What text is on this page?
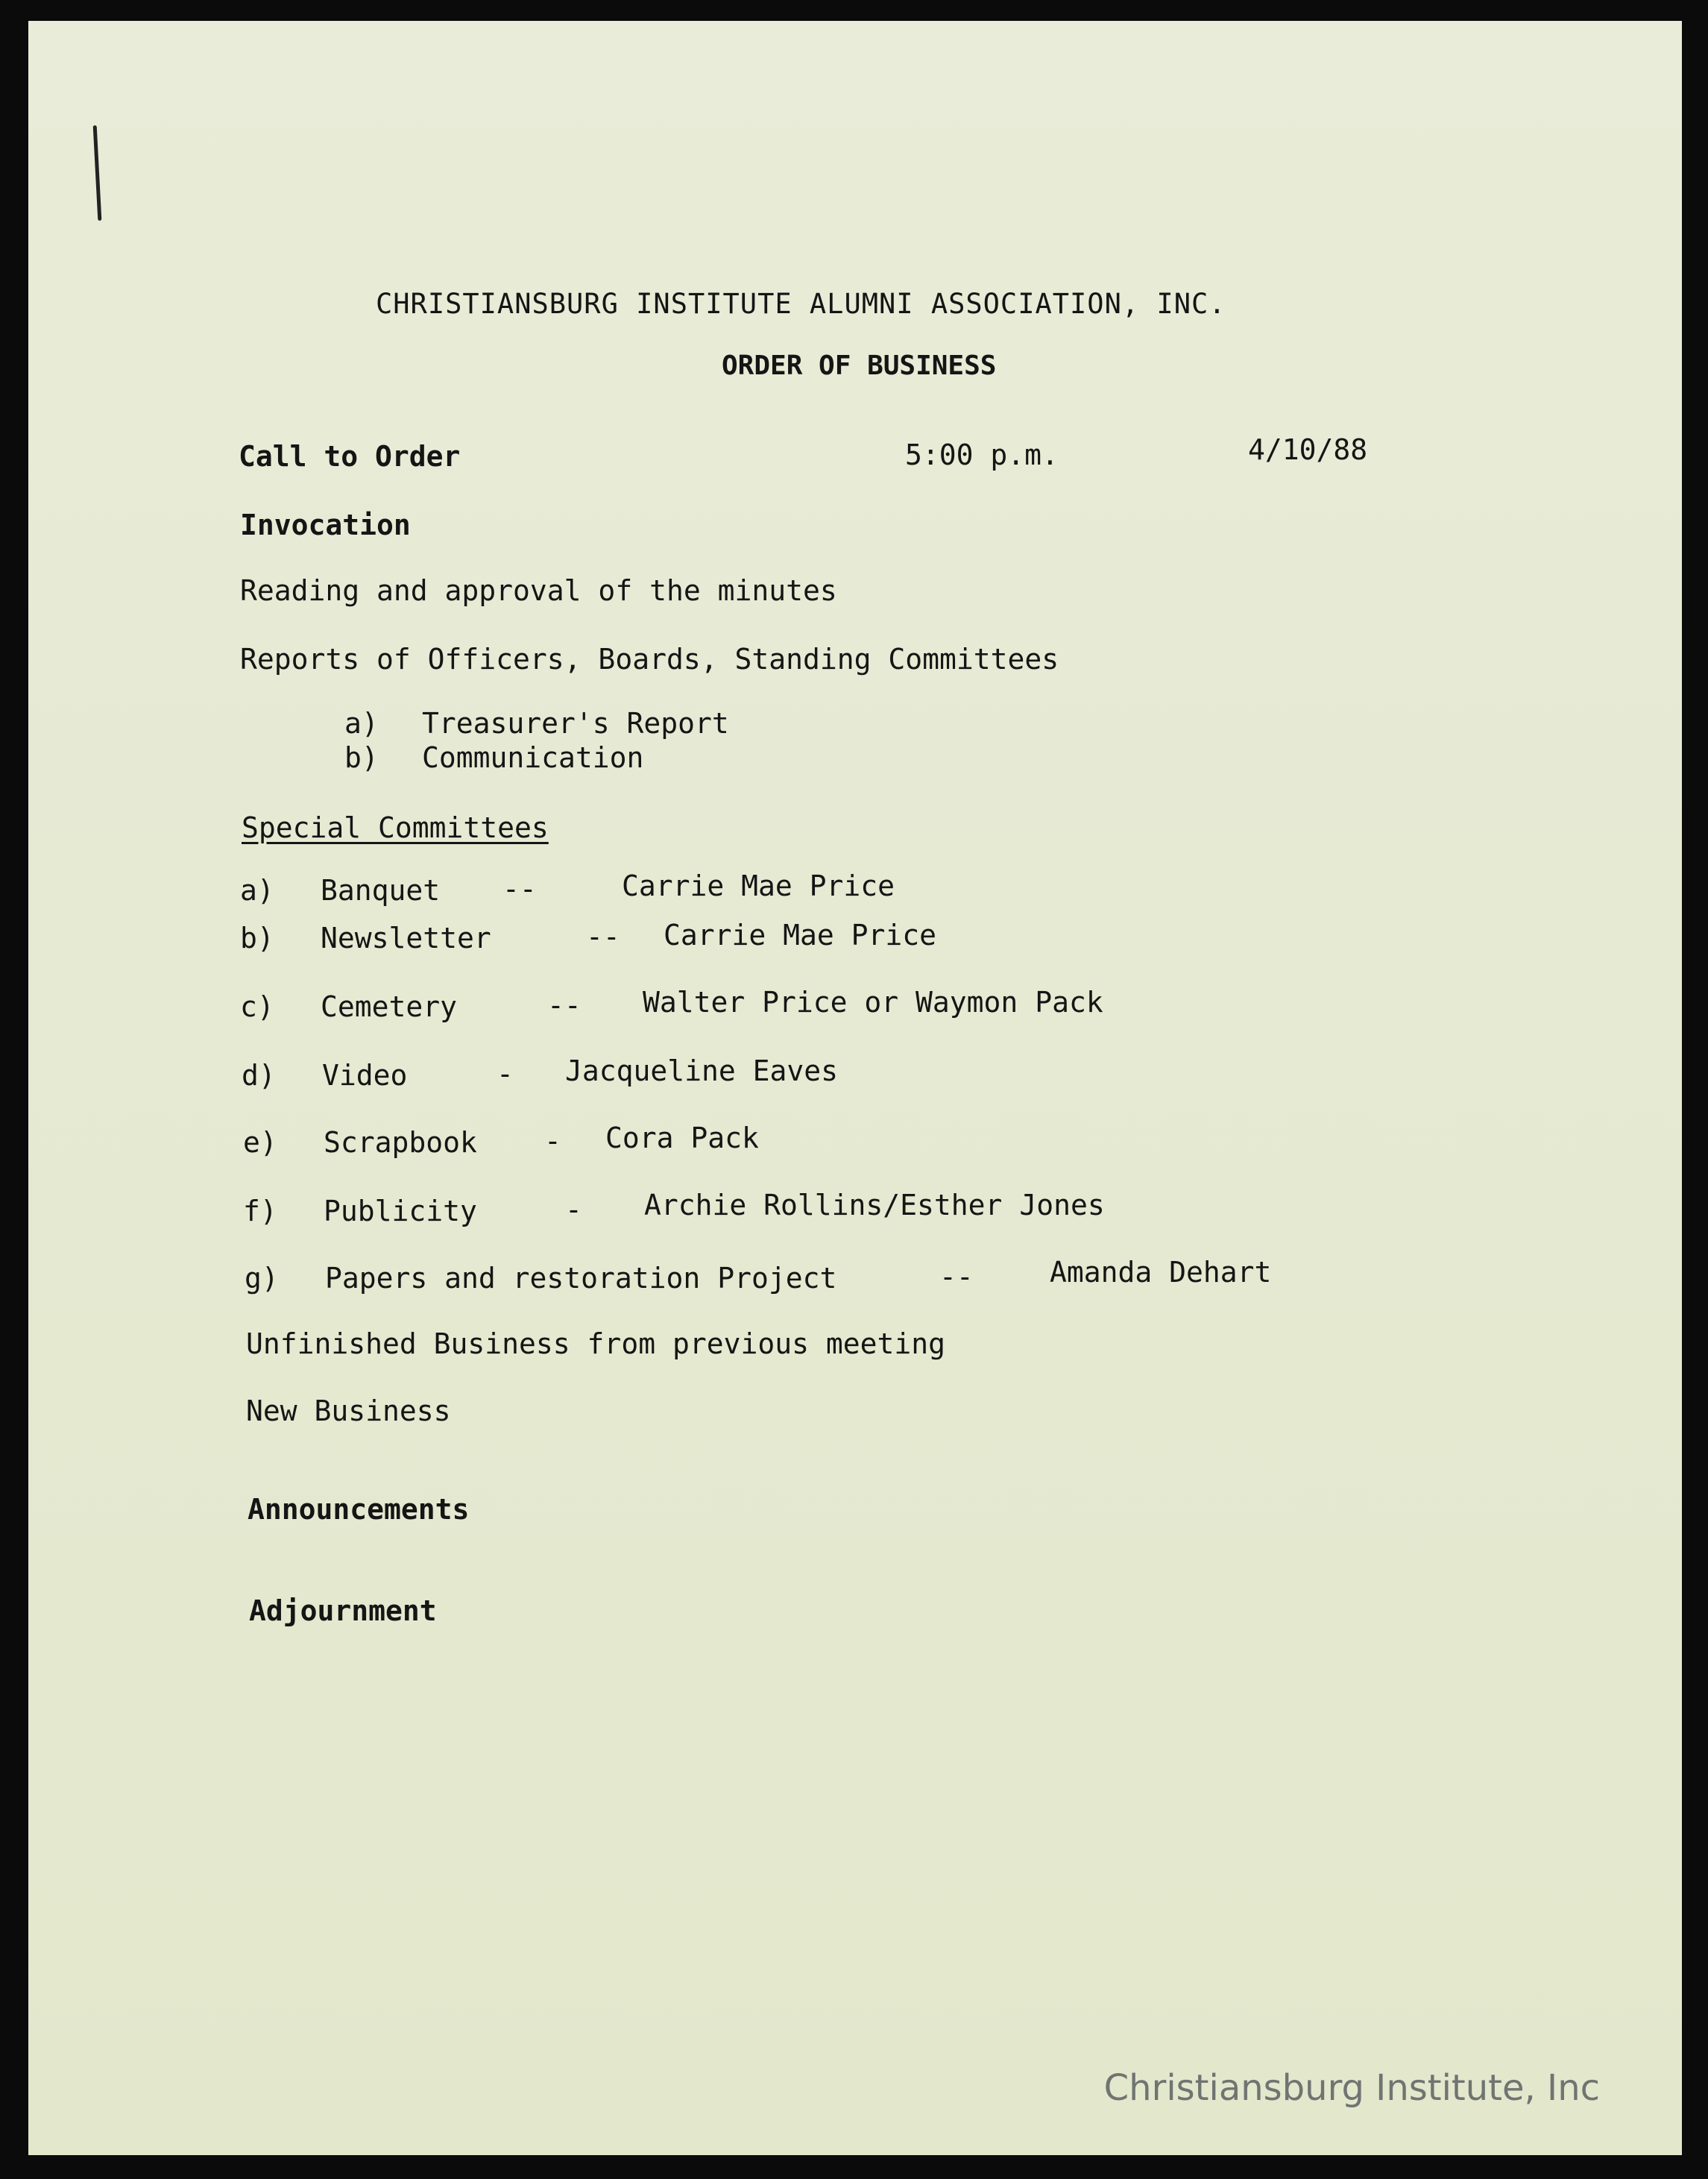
CHRISTIANSBURG INSTITUTE ALUMNI ASSOCIATION, INC.
ORDER OF BUSINESS
Call to Order	5:00 p.m.	4/10/88
Invocation
Reading and approval of the minutes
Reports of Officers, Boards, Standing Committees
a) Treasurer's Report
b) Communication
Special Committees
a) Banquet --	Carrie Mae Price
b) Newsletter	-- Carrie Mae Price
c) Cemetery	-- Walter Price or Waymon Pack
d) Video	- Jacqueline Eaves
e) Scrapbook - Cora Pack
f) Publicity	- Archie Rollins/Esther Jones
g) Papers and restoration Project	--	Amanda Dehart
Unfinished Business from previous meeting
New Business
Announcements
Adjournment
Christiansburg Institute, Inc
